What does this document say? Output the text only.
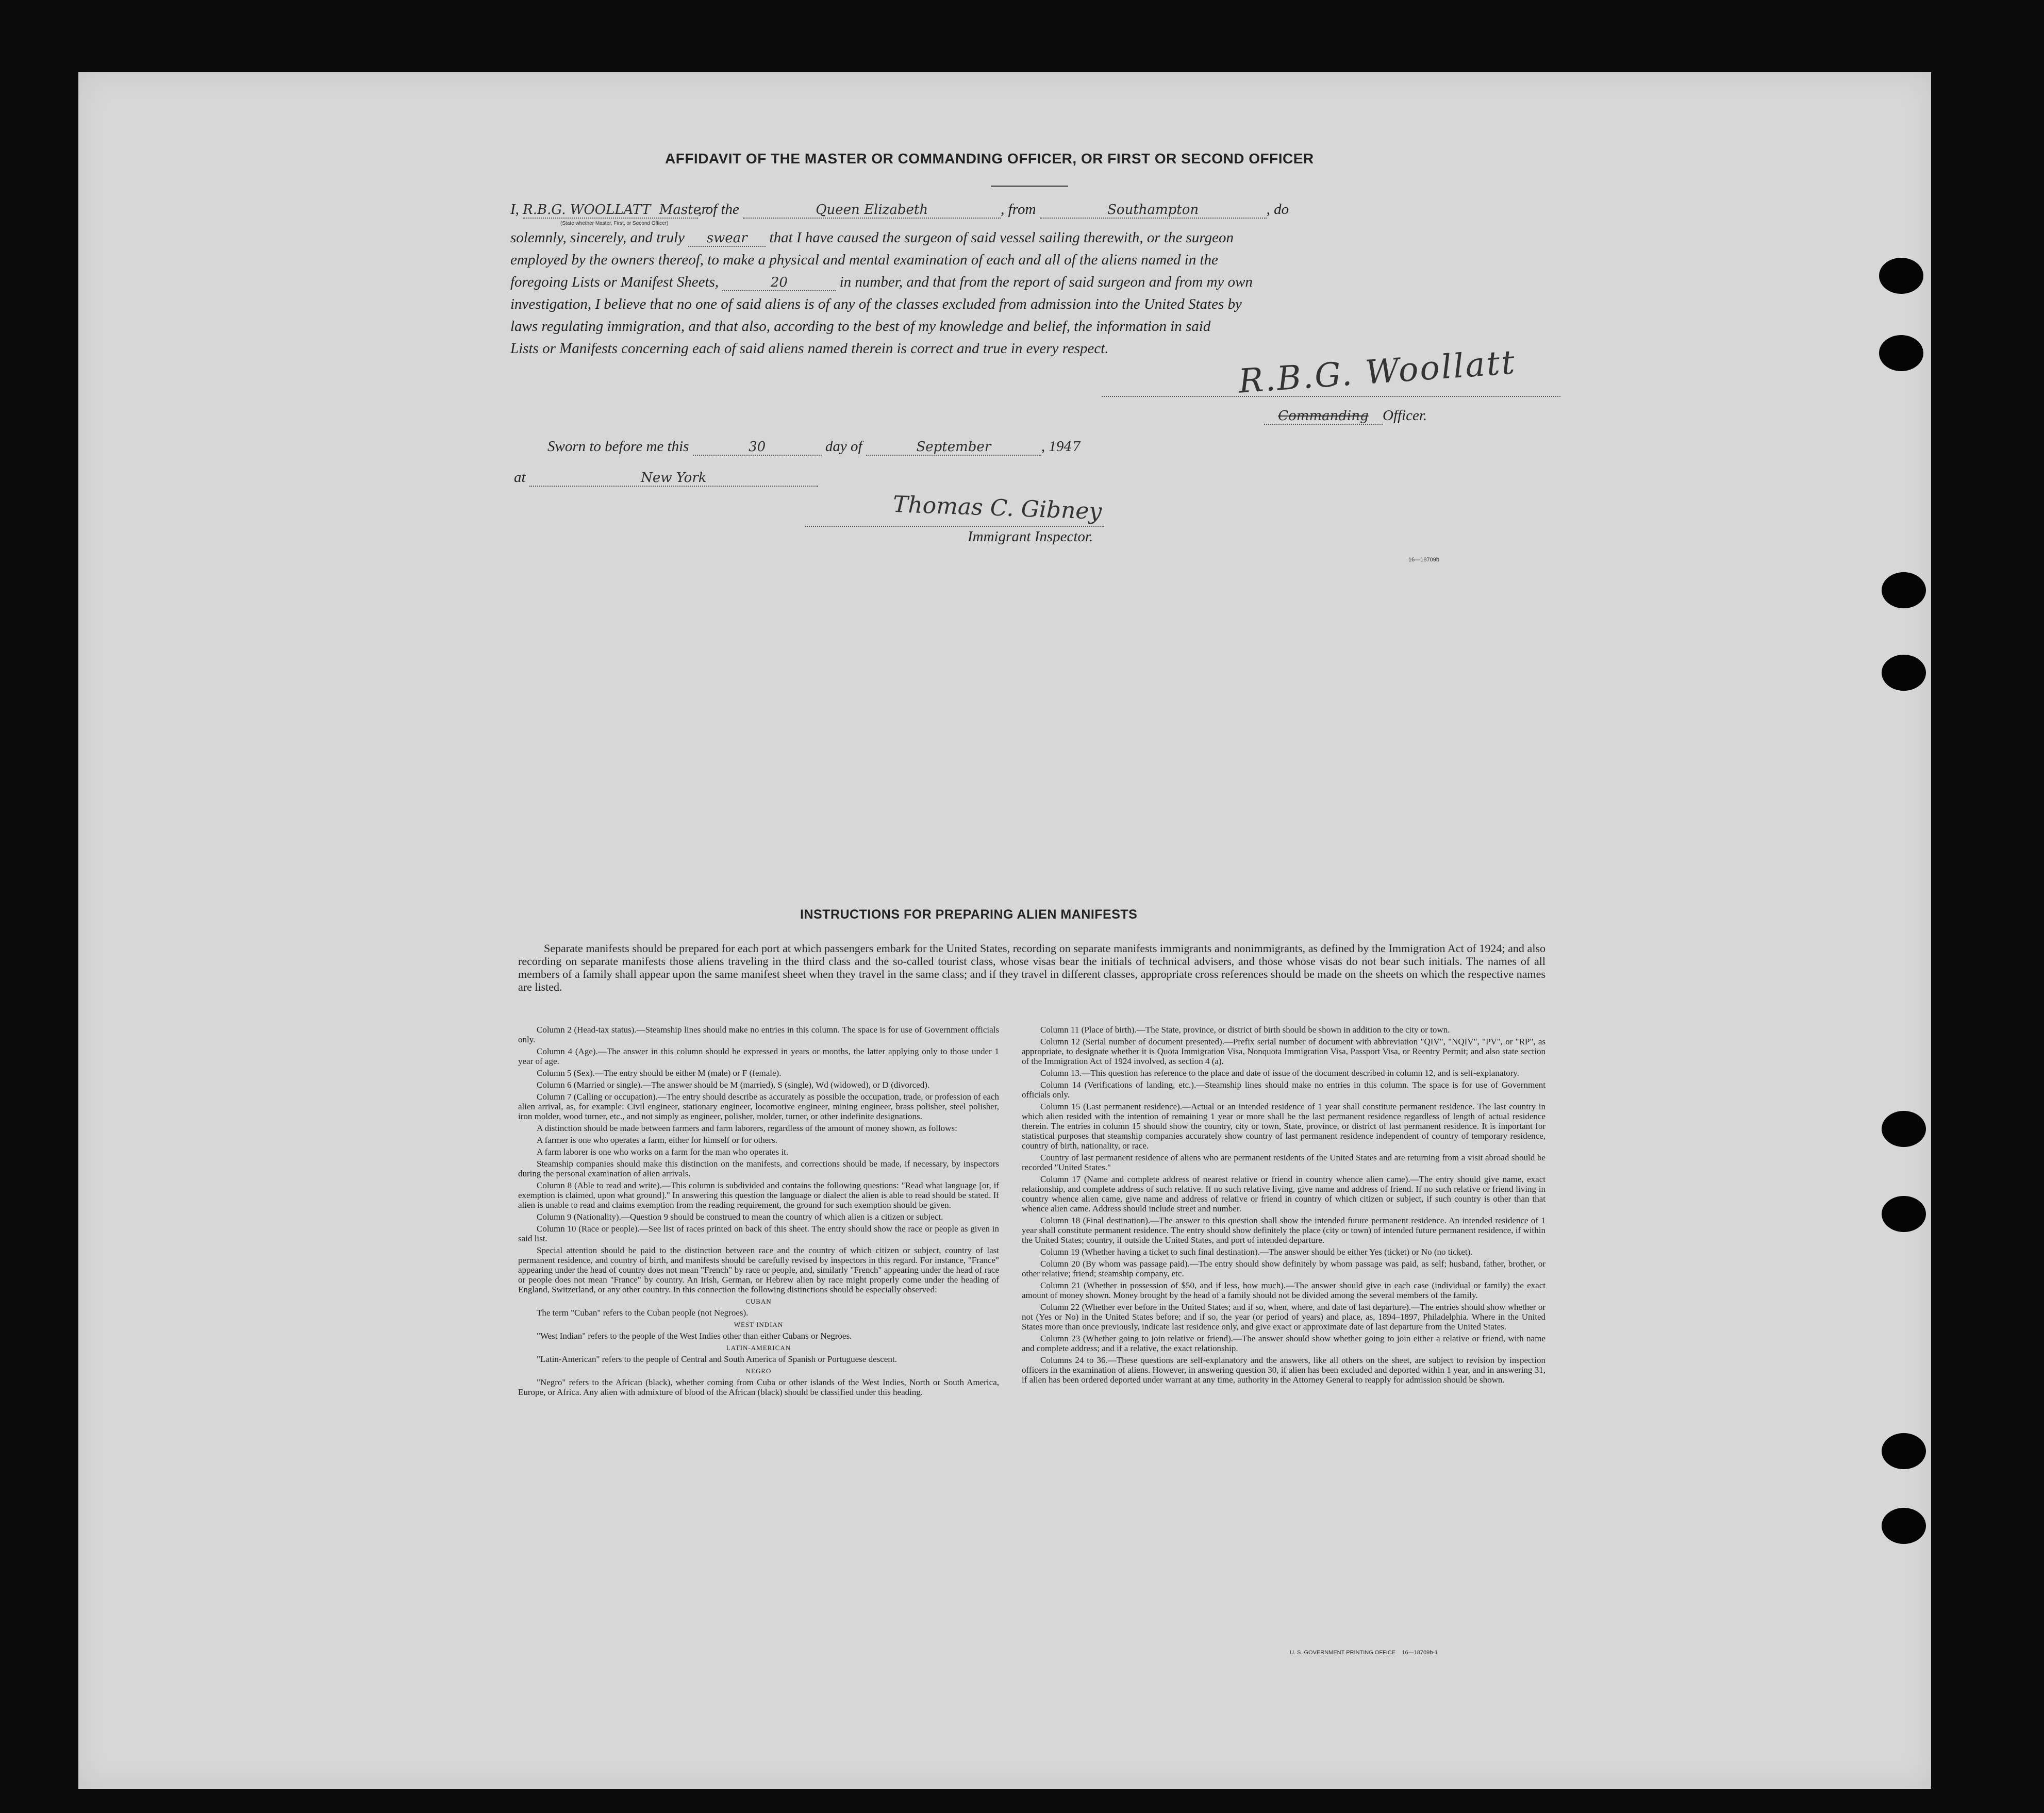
AFFIDAVIT OF THE MASTER OR COMMANDING OFFICER, OR FIRST OR SECOND OFFICER
I, R.B.G. WOOLLATT Master, of the	Queen Elizabeth	, from	Southampton	, do
(State whether Master, First, or Second Officer)
solemnly, sincerely, and truly swear that I have caused the surgeon of said vessel sailing therewith, or the surgeon
employed by the owners thereof, to make a physical and mental examination of each and all of the aliens named in the
foregoing Lists or Manifest Sheets,	20	in number, and that from the report of said surgeon and from my own
investigation, I believe that no one of said aliens is of any of the classes excluded from admission into the United States by
laws regulating immigration, and that also, according to the best of my knowledge and belief, the information in said
Lists or Manifests concerning each of said aliens named therein is correct and true in every respect.	R.B.G. Woollatt
Commanding Officer.
Sworn to before me this	30	day of	September	, 1947
at	New York
Thomas C. Gibney
Immigrant Inspector.
16—18709b
INSTRUCTIONS FOR PREPARING ALIEN MANIFESTS
Separate manifests should be prepared for each port at which passengers embark for the United States, recording on separate manifests immigrants and nonimmigrants, as defined by the Immigration Act of 1924; and also recording on separate manifests those aliens traveling in the third class and the so-called tourist class, whose visas bear the initials of technical advisers, and those whose visas do not bear such initials. The names of all members of a family shall appear upon the same manifest sheet when they travel in the same class; and if they travel in different classes, appropriate cross references should be made on the sheets on which the respective names are listed.

Column 2 (Head-tax status).—Steamship lines should make no entries in this column. The space is for use of Government officials only.

Column 4 (Age).—The answer in this column should be expressed in years or months, the latter applying only to those under 1 year of age.

Column 5 (Sex).—The entry should be either M (male) or F (female).

Column 6 (Married or single).—The answer should be M (married), S (single), Wd (widowed), or D (divorced).

Column 7 (Calling or occupation).—The entry should describe as accurately as possible the occupation, trade, or profession of each alien arrival, as, for example: Civil engineer, stationary engineer, locomotive engineer, mining engineer, brass polisher, steel polisher, iron molder, wood turner, etc., and not simply as engineer, polisher, molder, turner, or other indefinite designations.

A distinction should be made between farmers and farm laborers, regardless of the amount of money shown, as follows:

A farmer is one who operates a farm, either for himself or for others.

A farm laborer is one who works on a farm for the man who operates it.

Steamship companies should make this distinction on the manifests, and corrections should be made, if necessary, by inspectors during the personal examination of alien arrivals.

Column 8 (Able to read and write).—This column is subdivided and contains the following questions: "Read what language [or, if exemption is claimed, upon what ground]." In answering this question the language or dialect the alien is able to read should be stated. If alien is unable to read and claims exemption from the reading requirement, the ground for such exemption should be given.

Column 9 (Nationality).—Question 9 should be construed to mean the country of which alien is a citizen or subject.

Column 10 (Race or people).—See list of races printed on back of this sheet. The entry should show the race or people as given in said list.

Special attention should be paid to the distinction between race and the country of which citizen or subject, country of last permanent residence, and country of birth, and manifests should be carefully revised by inspectors in this regard. For instance, "France" appearing under the head of country does not mean "French" by race or people, and, similarly "French" appearing under the head of race or people does not mean "France" by country. An Irish, German, or Hebrew alien by race might properly come under the heading of England, Switzerland, or any other country. In this connection the following distinctions should be especially observed:

CUBAN

The term "Cuban" refers to the Cuban people (not Negroes).

WEST INDIAN

"West Indian" refers to the people of the West Indies other than either Cubans or Negroes.

LATIN-AMERICAN

"Latin-American" refers to the people of Central and South America of Spanish or Portuguese descent.

NEGRO

"Negro" refers to the African (black), whether coming from Cuba or other islands of the West Indies, North or South America, Europe, or Africa. Any alien with admixture of blood of the African (black) should be classified under this heading.

Column 11 (Place of birth).—The State, province, or district of birth should be shown in addition to the city or town.

Column 12 (Serial number of document presented).—Prefix serial number of document with abbreviation "QIV", "NQIV", "PV", or "RP", as appropriate, to designate whether it is Quota Immigration Visa, Nonquota Immigration Visa, Passport Visa, or Reentry Permit; and also state section of the Immigration Act of 1924 involved, as section 4 (a).

Column 13.—This question has reference to the place and date of issue of the document described in column 12, and is self-explanatory.

Column 14 (Verifications of landing, etc.).—Steamship lines should make no entries in this column. The space is for use of Government officials only.

Column 15 (Last permanent residence).—Actual or an intended residence of 1 year shall constitute permanent residence. The last country in which alien resided with the intention of remaining 1 year or more shall be the last permanent residence regardless of length of actual residence therein. The entries in column 15 should show the country, city or town, State, province, or district of last permanent residence. It is important for statistical purposes that steamship companies accurately show country of last permanent residence independent of country of temporary residence, country of birth, nationality, or race.

Country of last permanent residence of aliens who are permanent residents of the United States and are returning from a visit abroad should be recorded "United States."

Column 17 (Name and complete address of nearest relative or friend in country whence alien came).—The entry should give name, exact relationship, and complete address of such relative. If no such relative living, give name and address of friend. If no such relative or friend living in country whence alien came, give name and address of relative or friend in country of which citizen or subject, if such country is other than that whence alien came. Address should include street and number.

Column 18 (Final destination).—The answer to this question shall show the intended future permanent residence. An intended residence of 1 year shall constitute permanent residence. The entry should show definitely the place (city or town) of intended future permanent residence, if within the United States; country, if outside the United States, and port of intended departure.

Column 19 (Whether having a ticket to such final destination).—The answer should be either Yes (ticket) or No (no ticket).

Column 20 (By whom was passage paid).—The entry should show definitely by whom passage was paid, as self; husband, father, brother, or other relative; friend; steamship company, etc.

Column 21 (Whether in possession of $50, and if less, how much).—The answer should give in each case (individual or family) the exact amount of money shown. Money brought by the head of a family should not be divided among the several members of the family.

Column 22 (Whether ever before in the United States; and if so, when, where, and date of last departure).—The entries should show whether or not (Yes or No) in the United States before; and if so, the year (or period of years) and place, as, 1894–1897, Philadelphia. Where in the United States more than once previously, indicate last residence only, and give exact or approximate date of last departure from the United States.

Column 23 (Whether going to join relative or friend).—The answer should show whether going to join either a relative or friend, with name and complete address; and if a relative, the exact relationship.

Columns 24 to 36.—These questions are self-explanatory and the answers, like all others on the sheet, are subject to revision by inspection officers in the examination of aliens. However, in answering question 30, if alien has been excluded and deported within 1 year, and in answering 31, if alien has been ordered deported under warrant at any time, authority in the Attorney General to reapply for admission should be shown.

U. S. GOVERNMENT PRINTING OFFICE 16—18709b-1
